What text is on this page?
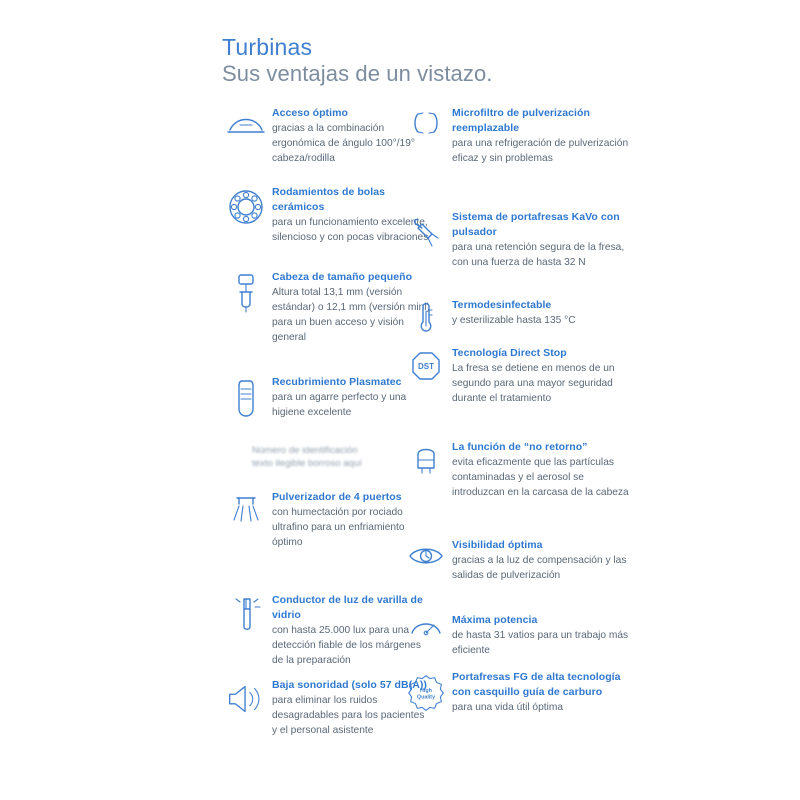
Turbinas
Sus ventajas de un vistazo.
Acceso óptimo
gracias a la combinación ergonómica de ángulo 100°/19° cabeza/rodilla
Rodamientos de bolas cerámicos
para un funcionamiento excelente, silencioso y con pocas vibraciones
Cabeza de tamaño pequeño
Altura total 13,1 mm (versión estándar) o 12,1 mm (versión mini) para un buen acceso y visión general
Recubrimiento Plasmatec
para un agarre perfecto y una higiene excelente
Número de identificación
texto ilegible borroso aquí
Pulverizador de 4 puertos
con humectación por rociado ultrafino para un enfriamiento óptimo
Conductor de luz de varilla de vidrio
con hasta 25.000 lux para una detección fiable de los márgenes de la preparación
Baja sonoridad (solo 57 dB(A))
para eliminar los ruidos desagradables para los pacientes y el personal asistente
Microfiltro de pulverización reemplazable
para una refrigeración de pulverización eficaz y sin problemas
Sistema de portafresas KaVo con pulsador
para una retención segura de la fresa, con una fuerza de hasta 32 N
Termodesinfectable
y esterilizable hasta 135 °C
DST
Tecnología Direct Stop
La fresa se detiene en menos de un segundo para una mayor seguridad durante el tratamiento
La función de “no retorno”
evita eficazmente que las partículas contaminadas y el aerosol se introduzcan en la carcasa de la cabeza
Visibilidad óptima
gracias a la luz de compensación y las salidas de pulverización
Máxima potencia
de hasta 31 vatios para un trabajo más eficiente
High
Quality
Portafresas FG de alta tecnología con casquillo guía de carburo
para una vida útil óptima
